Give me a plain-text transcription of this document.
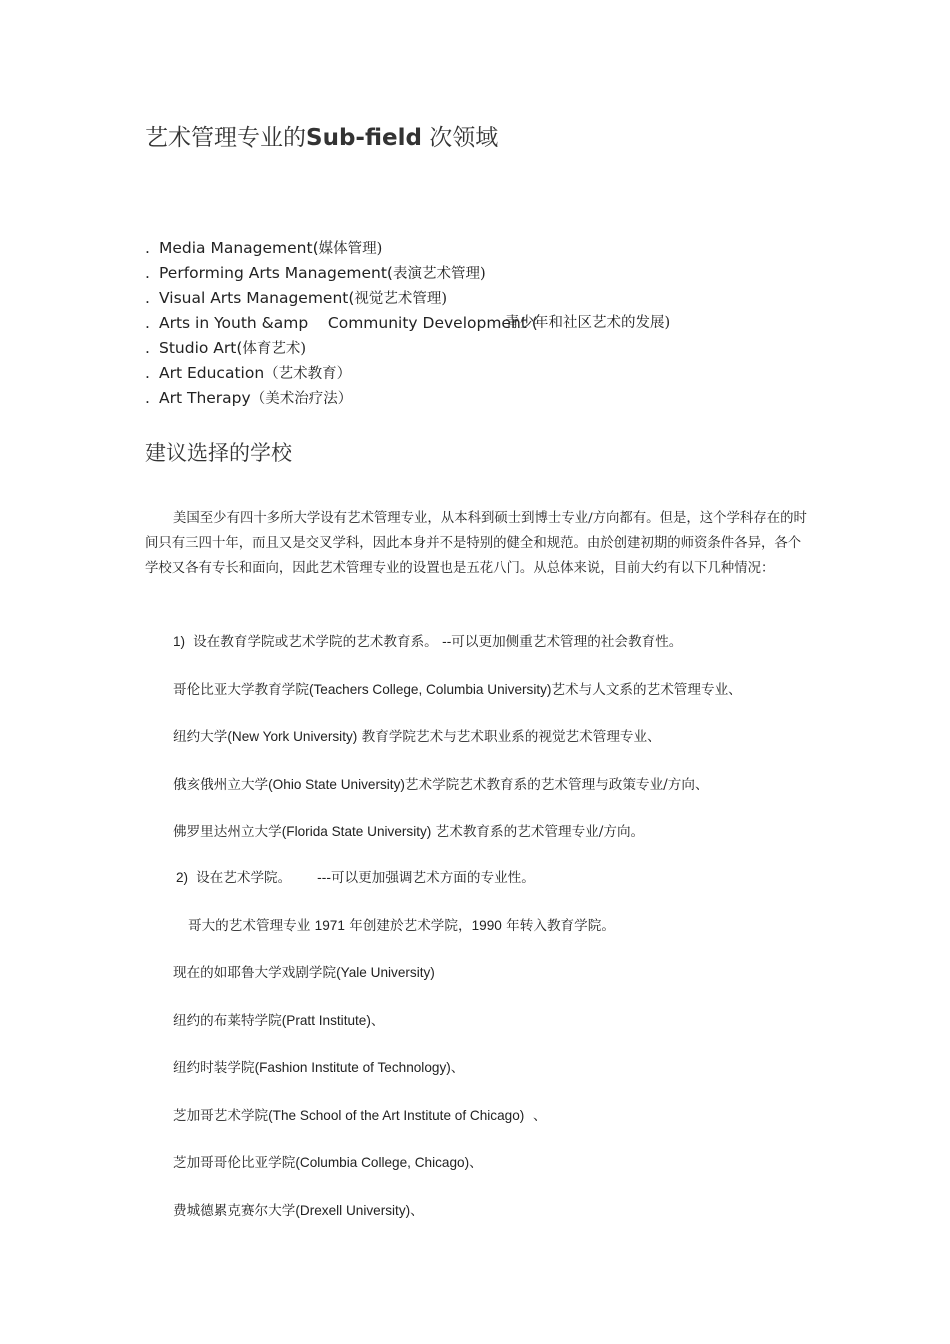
艺术管理专业的Sub-field 次领域
. Media Management(媒体管理)
. Performing Arts Management(表演艺术管理)
. Visual Arts Management(视觉艺术管理)
. Arts in Youth &amp    Community Development (
青少年和社区艺术的发展)
. Studio Art(体育艺术)
. Art Education（艺术教育）
. Art Therapy（美术治疗法）
建议选择的学校

美国至少有四十多所大学设有艺术管理专业，从本科到硕士到博士专业/方向都有。但是，这个学科存在的时间只有三四十年，而且又是交叉学科，因此本身并不是特别的健全和规范。由於创建初期的师资条件各异，各个学校又各有专长和面向，因此艺术管理专业的设置也是五花八门。从总体来说，目前大约有以下几种情况：

1) 设在教育学院或艺术学院的艺术教育系。 --可以更加侧重艺术管理的社会教育性。
哥伦比亚大学教育学院(Teachers College, Columbia University)艺术与人文系的艺术管理专业、
纽约大学(New York University) 教育学院艺术与艺术职业系的视觉艺术管理专业、
俄亥俄州立大学(Ohio State University)艺术学院艺术教育系的艺术管理与政策专业/方向、
佛罗里达州立大学(Florida State University) 艺术教育系的艺术管理专业/方向。
2) 设在艺术学院。      ---可以更加强调艺术方面的专业性。
哥大的艺术管理专业 1971 年创建於艺术学院，1990 年转入教育学院。
现在的如耶鲁大学戏剧学院(Yale University)
纽约的布莱特学院(Pratt Institute)、
纽约时装学院(Fashion Institute of Technology)、
芝加哥艺术学院(The School of the Art Institute of Chicago)  、
芝加哥哥伦比亚学院(Columbia College, Chicago)、
费城德累克赛尔大学(Drexell University)、
